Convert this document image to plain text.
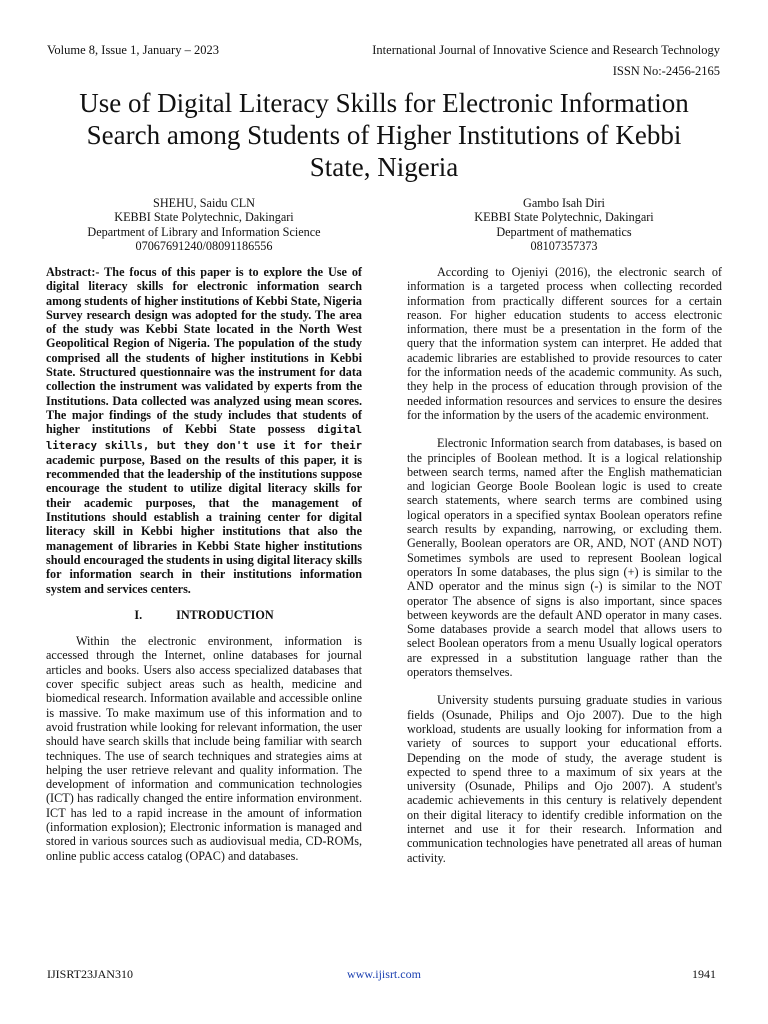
Volume 8, Issue 1, January – 2023	International Journal of Innovative Science and Research Technology
ISSN No:-2456-2165
Use of Digital Literacy Skills for Electronic Information Search among Students of Higher Institutions of Kebbi State, Nigeria
SHEHU, Saidu CLN
KEBBI State Polytechnic, Dakingari
Department of Library and Information Science
07067691240/08091186556
Gambo Isah Diri
KEBBI State Polytechnic, Dakingari
Department of mathematics
08107357373

Abstract:- The focus of this paper is to explore the Use of digital literacy skills for electronic information search among students of higher institutions of Kebbi State, Nigeria Survey research design was adopted for the study. The area of the study was Kebbi State located in the North West Geopolitical Region of Nigeria. The population of the study comprised all the students of higher institutions in Kebbi State. Structured questionnaire was the instrument for data collection the instrument was validated by experts from the Institutions. Data collected was analyzed using mean scores. The major findings of the study includes that students of higher institutions of Kebbi State possess digital literacy skills, but they don't use it for their academic purpose, Based on the results of this paper, it is recommended that the leadership of the institutions suppose encourage the student to utilize digital literacy skills for their academic purposes, that the management of Institutions should establish a training center for digital literacy skill in Kebbi higher institutions that also the management of libraries in Kebbi State higher institutions should encouraged the students in using digital literacy skills for information search in their institutions information system and services centers.

I.	INTRODUCTION

Within the electronic environment, information is accessed through the Internet, online databases for journal articles and books. Users also access specialized databases that cover specific subject areas such as health, medicine and biomedical research. Information available and accessible online is massive. To make maximum use of this information and to avoid frustration while looking for relevant information, the user should have search skills that include being familiar with search techniques. The use of search techniques and strategies aims at helping the user retrieve relevant and quality information. The development of information and communication technologies (ICT) has radically changed the entire information environment. ICT has led to a rapid increase in the amount of information (information explosion); Electronic information is managed and stored in various sources such as audiovisual media, CD-ROMs, online public access catalog (OPAC) and databases.

According to Ojeniyi (2016), the electronic search of information is a targeted process when collecting recorded information from practically different sources for a certain reason. For higher education students to access electronic information, there must be a presentation in the form of the query that the information system can interpret. He added that academic libraries are established to provide resources to cater for the information needs of the academic community. As such, they help in the process of education through provision of the needed information resources and services to ensure the desires for the information by the users of the academic environment.

Electronic Information search from databases, is based on the principles of Boolean method. It is a logical relationship between search terms, named after the English mathematician and logician George Boole Boolean logic is used to create search statements, where search terms are combined using logical operators in a specified syntax Boolean operators refine search results by expanding, narrowing, or excluding them. Generally, Boolean operators are OR, AND, NOT (AND NOT) Sometimes symbols are used to represent Boolean logical operators In some databases, the plus sign (+) is similar to the AND operator and the minus sign (-) is similar to the NOT operator The absence of signs is also important, since spaces between keywords are the default AND operator in many cases. Some databases provide a search model that allows users to select Boolean operators from a menu Usually logical operators are expressed in a substitution language rather than the operators themselves.

University students pursuing graduate studies in various fields (Osunade, Philips and Ojo 2007). Due to the high workload, students are usually looking for information from a variety of sources to support your educational efforts. Depending on the mode of study, the average student is expected to spend three to a maximum of six years at the university (Osunade, Philips and Ojo 2007). A student's academic achievements in this century is relatively dependent on their digital literacy to identify credible information on the internet and use it for their research. Information and communication technologies have penetrated all areas of human activity.

IJISRT23JAN310	www.ijisrt.com	1941
